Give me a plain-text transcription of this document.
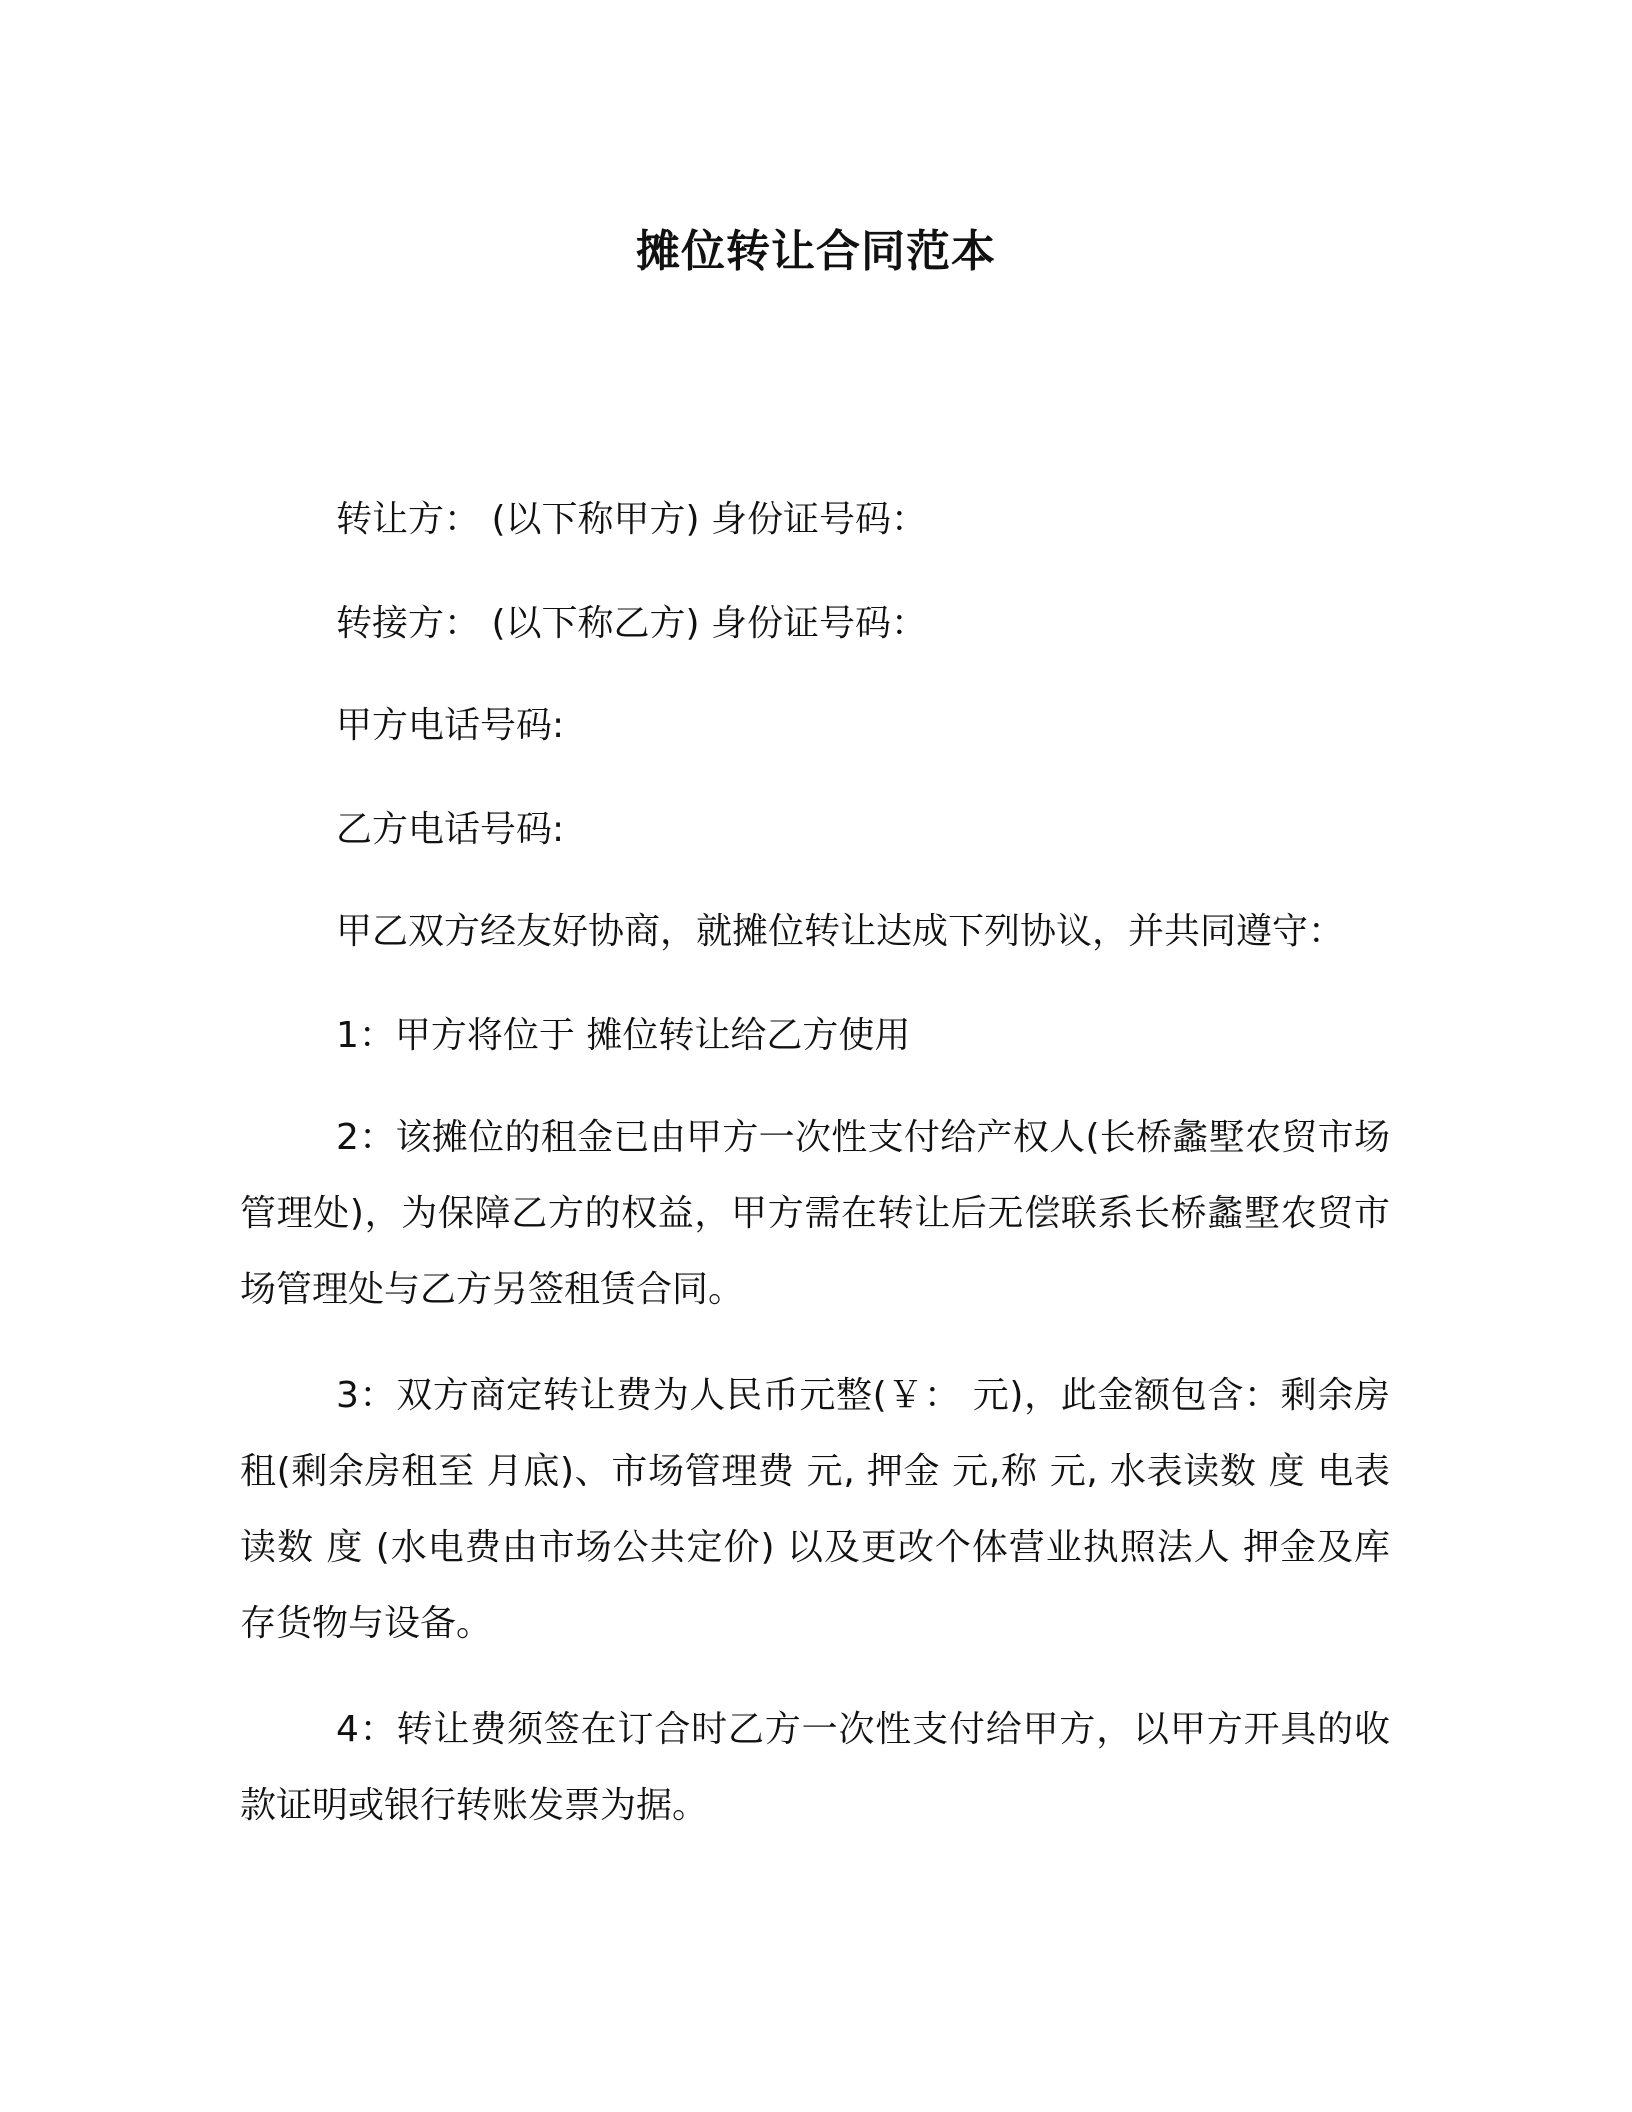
摊位转让合同范本
转让方： (以下称甲方) 身份证号码：
转接方： (以下称乙方) 身份证号码：
甲方电话号码:
乙方电话号码:
甲乙双方经友好协商，就摊位转让达成下列协议，并共同遵守：
1：甲方将位于 摊位转让给乙方使用
2：该摊位的租金已由甲方一次性支付给产权人(长桥蠡墅农贸市场管理处)，为保障乙方的权益，甲方需在转让后无偿联系长桥蠡墅农贸市场管理处与乙方另签租赁合同。
3：双方商定转让费为人民币元整(￥： 元)，此金额包含：剩余房租(剩余房租至 月底)、市场管理费 元, 押金 元,称 元, 水表读数 度 电表读数 度 (水电费由市场公共定价) 以及更改个体营业执照法人 押金及库存货物与设备。
4：转让费须签在订合时乙方一次性支付给甲方，以甲方开具的收款证明或银行转账发票为据。
